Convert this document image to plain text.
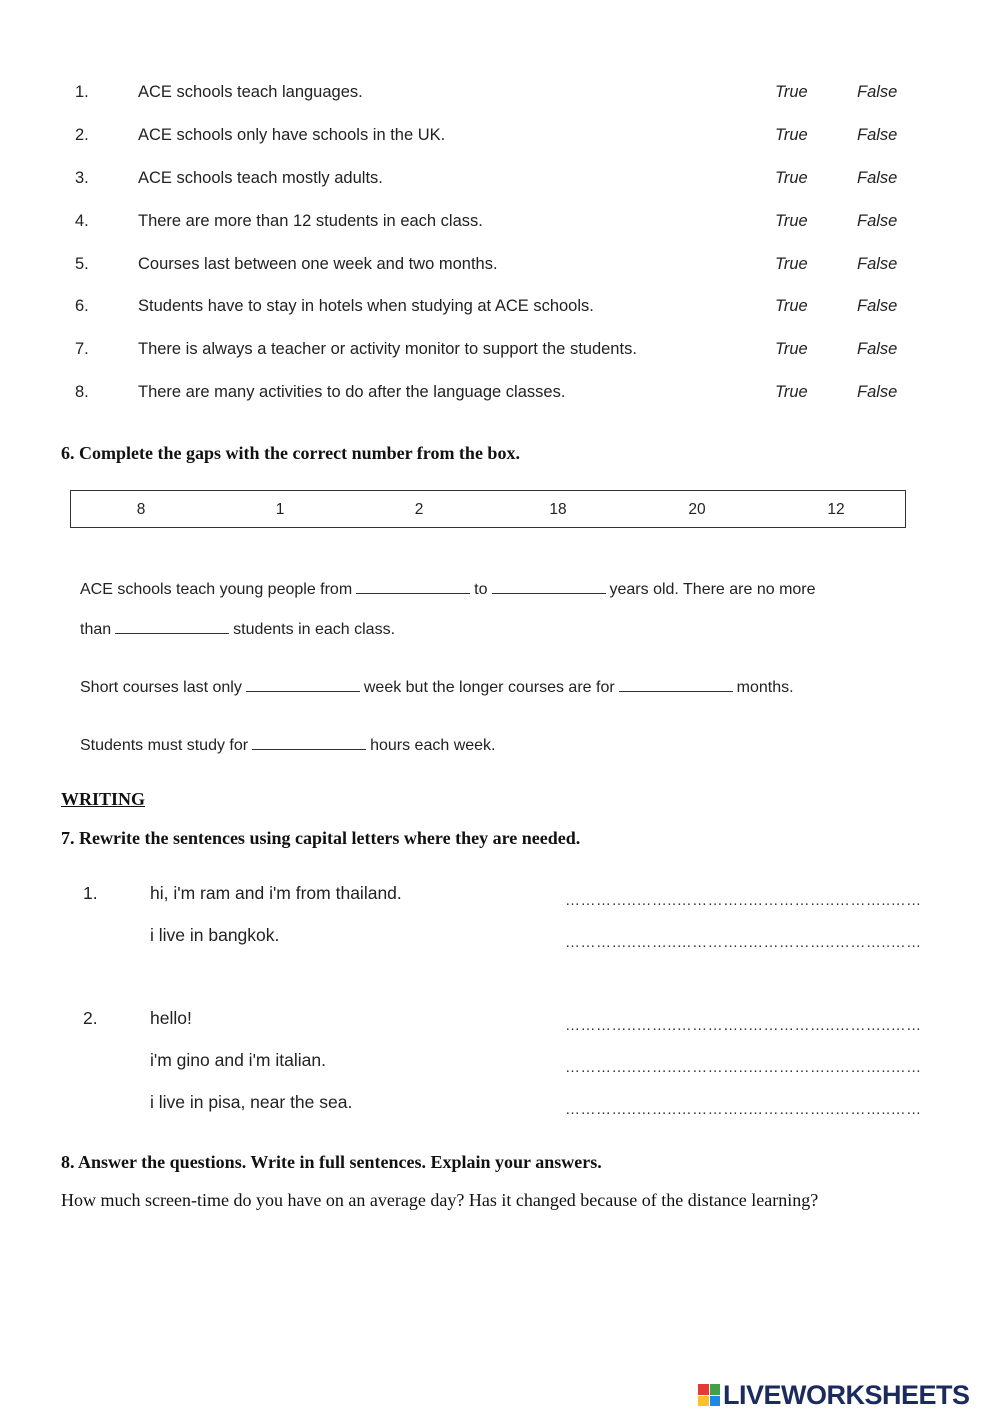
1.	ACE schools teach languages.	True	False
2.	ACE schools only have schools in the UK.	True	False
3.	ACE schools teach mostly adults.	True	False
4.	There are more than 12 students in each class.	True	False
5.	Courses last between one week and two months.	True	False
6.	Students have to stay in hotels when studying at ACE schools.	True	False
7.	There is always a teacher or activity monitor to support the students.	True	False
8.	There are many activities to do after the language classes.	True	False
6. Complete the gaps with the correct number from the box.
8	1	2	18	20	12
ACE schools teach young people from	to	years old. There are no more
than	students in each class.
Short courses last only	week but the longer courses are for	months.
Students must study for	hours each week.
WRITING
7. Rewrite the sentences using capital letters where they are needed.
1.	hi, i'm ram and i'm from thailand.	…………..……..…………..……………..………..……
i live in bangkok.	…………..……..…………..……………..………..……
2.	hello!	…………..……..…………..……………..………..……
i'm gino and i'm italian.	…………..……..…………..……………..………..……
i live in pisa, near the sea.	…………..……..…………..……………..………..……
8. Answer the questions. Write in full sentences. Explain your answers.
How much screen-time do you have on an average day? Has it changed because of the distance learning?
LIVEWORKSHEETS
